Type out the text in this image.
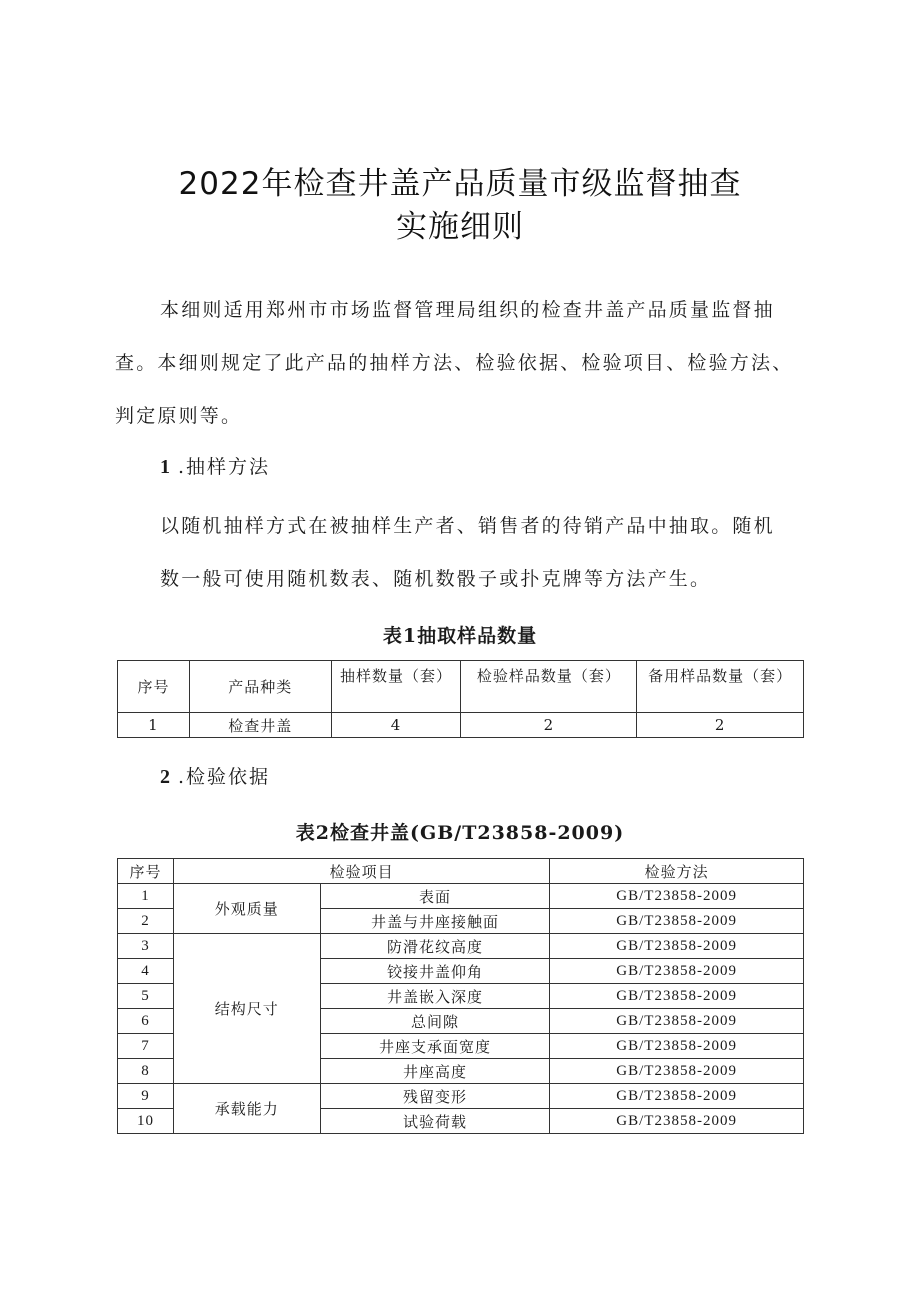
2022年检查井盖产品质量市级监督抽查
实施细则
本细则适用郑州市市场监督管理局组织的检查井盖产品质量监督抽
查。本细则规定了此产品的抽样方法、检验依据、检验项目、检验方法、
判定原则等。
1 .抽样方法
以随机抽样方式在被抽样生产者、销售者的待销产品中抽取。随机
数一般可使用随机数表、随机数骰子或扑克牌等方法产生。
表1抽取样品数量
序号	产品种类	抽样数量（套）	检验样品数量（套）	备用样品数量（套）
1	检查井盖	4	2	2
2 .检验依据
表2检查井盖(GB/T23858-2009)
序号	检验项目		检验方法
1	外观质量	表面	GB/T23858-2009
2		井盖与井座接触面	GB/T23858-2009
3	结构尺寸	防滑花纹高度	GB/T23858-2009
4		铰接井盖仰角	GB/T23858-2009
5		井盖嵌入深度	GB/T23858-2009
6		总间隙	GB/T23858-2009
7		井座支承面宽度	GB/T23858-2009
8		井座高度	GB/T23858-2009
9	承载能力	残留变形	GB/T23858-2009
10		试验荷载	GB/T23858-2009
